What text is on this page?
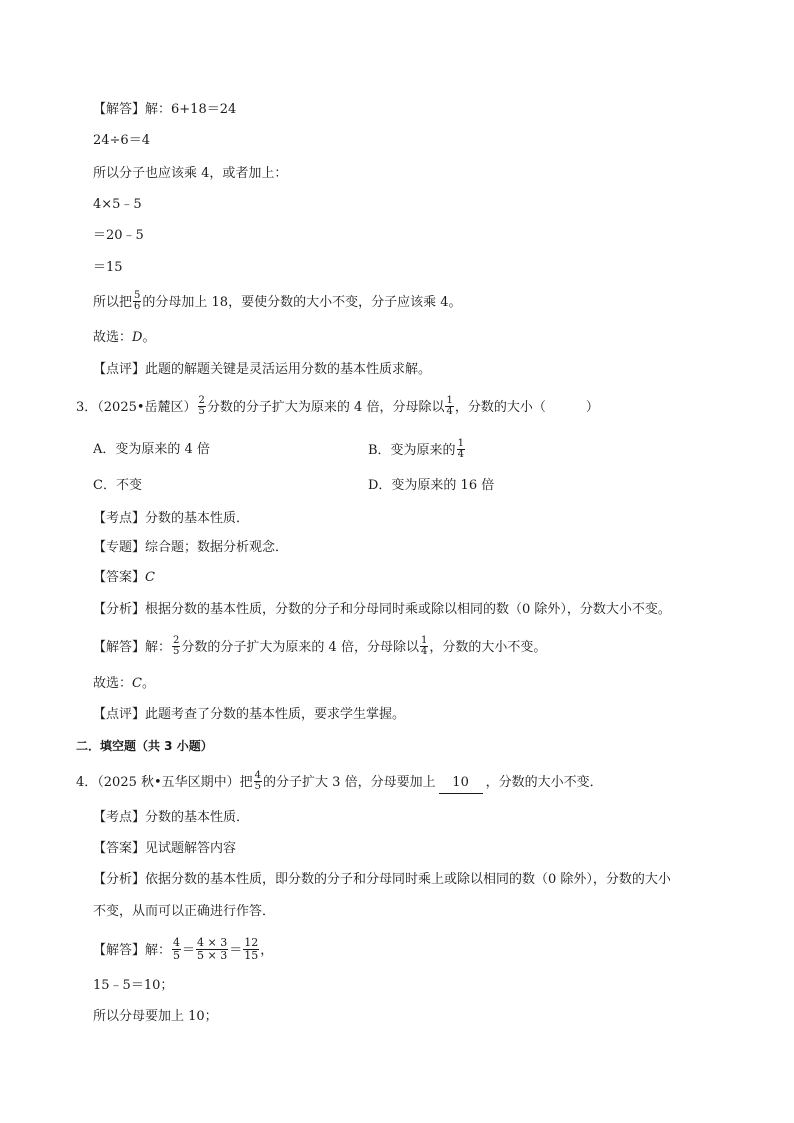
【解答】解：6+18＝24
24÷6＝4
所以分子也应该乘 4，或者加上：
4×5﹣5
＝20﹣5
＝15
所以把 $\frac{5}{6}$ 的分母加上 18，要使分数的大小不变，分子应该乘 4。
故选：D。
【点评】此题的解题关键是灵活运用分数的基本性质求解。
3．（2025•岳麓区） $\frac{2}{5}$ 分数的分子扩大为原来的 4 倍，分母除以 $\frac{1}{4}$ ，分数的大小（	）
A．变为原来的 4 倍	B．变为原来的 $\frac{1}{4}$
C．不变	D．变为原来的 16 倍
【考点】分数的基本性质．
【专题】综合题；数据分析观念．
【答案】C
【分析】根据分数的基本性质，分数的分子和分母同时乘或除以相同的数（0 除外），分数大小不变。
【解答】解： $\frac{2}{5}$ 分数的分子扩大为原来的 4 倍，分母除以 $\frac{1}{4}$ ，分数的大小不变。
故选：C。
【点评】此题考查了分数的基本性质，要求学生掌握。
二．填空题（共 3 小题）
4．（2025 秋•五华区期中）把 $\frac{4}{5}$ 的分子扩大 3 倍，分母要加上 10 ，分数的大小不变．
【考点】分数的基本性质．
【答案】见试题解答内容
【分析】依据分数的基本性质，即分数的分子和分母同时乘上或除以相同的数（0 除外），分数的大小
不变，从而可以正确进行作答．
【解答】解： $\frac{4}{5} = \frac{4 \times 3}{5 \times 3} = \frac{12}{15}$ ，
15﹣5＝10；
所以分母要加上 10；
